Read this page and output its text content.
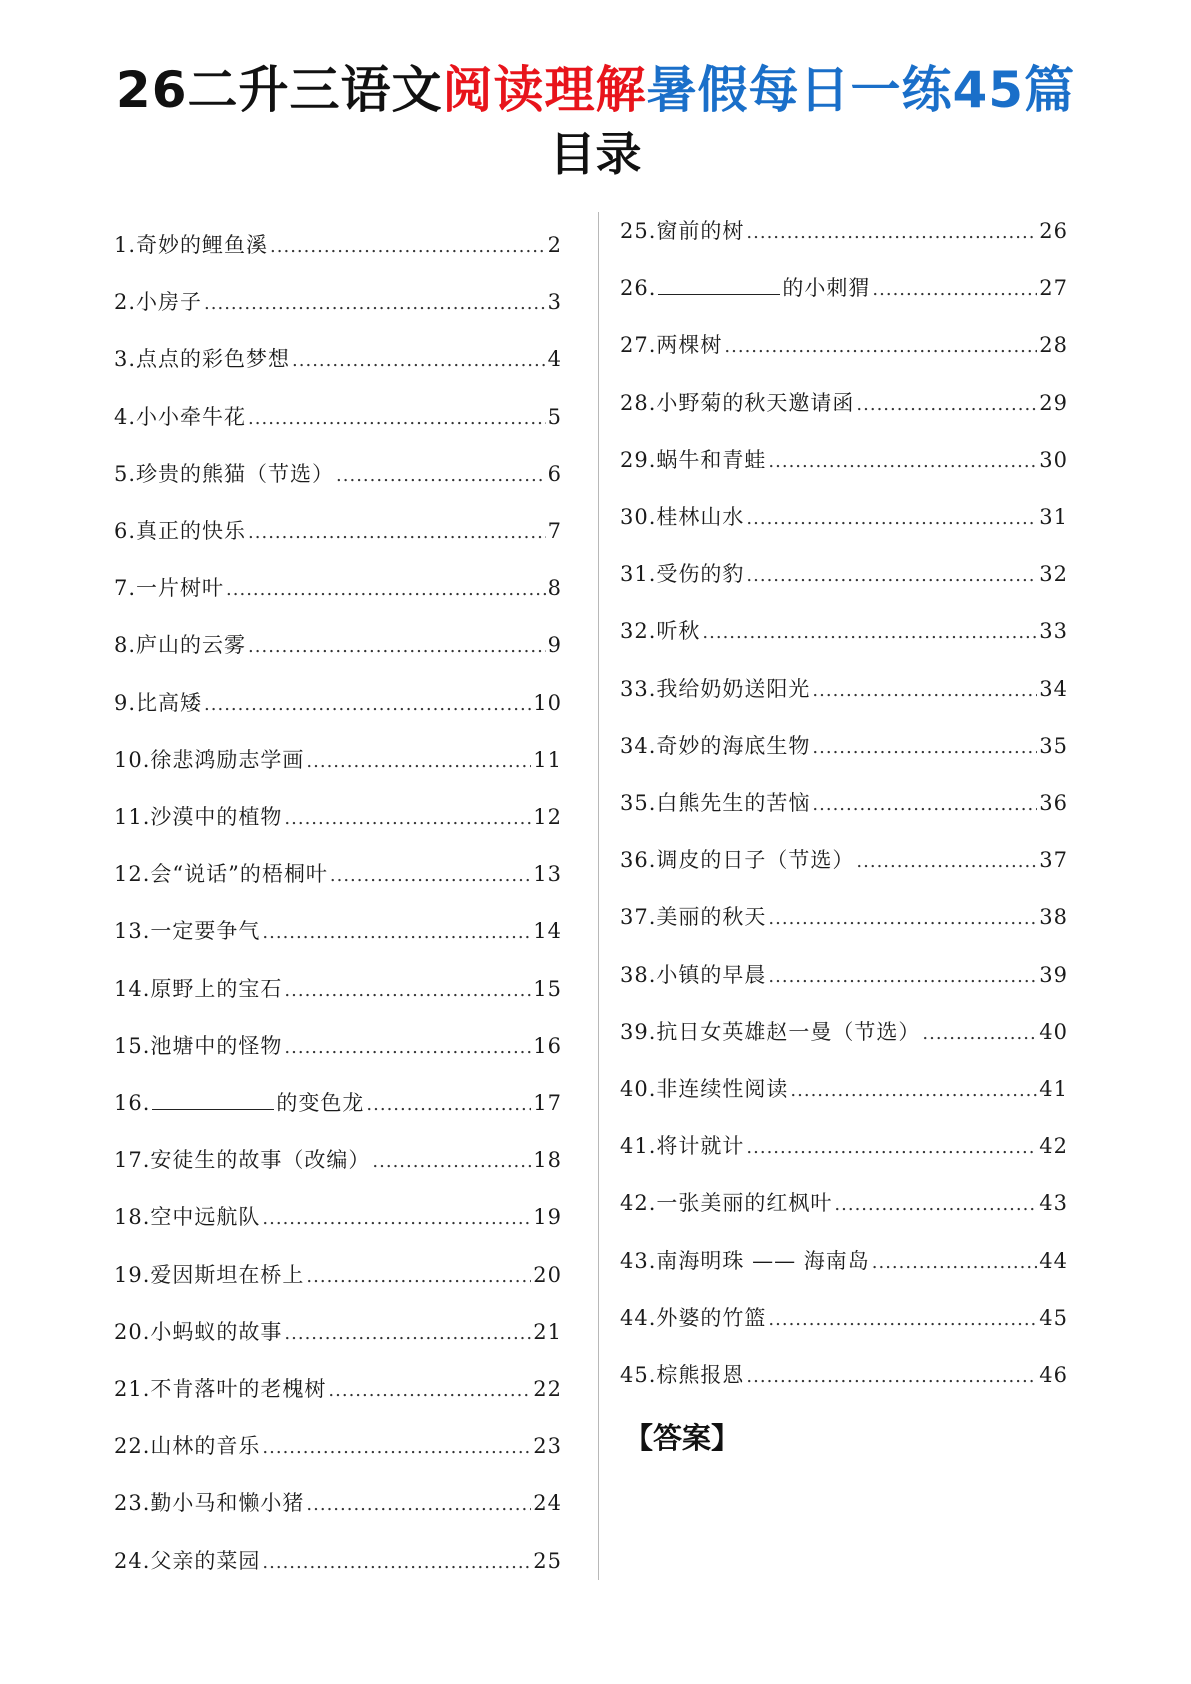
26二升三语文阅读理解暑假每日一练45篇
目录
1.奇妙的鲤鱼溪 .....	2
2.小房子 .....	3
3.点点的彩色梦想 .....	4
4.小小牵牛花 .....	5
5.珍贵的熊猫（节选） .....	6
6.真正的快乐 .....	7
7.一片树叶 .....	8
8.庐山的云雾 .....	9
9.比高矮 .....	10
10.徐悲鸿励志学画 .....	11
11.沙漠中的植物 .....	12
12.会“说话”的梧桐叶 .....	13
13.一定要争气 .....	14
14.原野上的宝石 .....	15
15.池塘中的怪物 .....	16
16.	的变色龙 .....	17
17.安徒生的故事（改编） .....	18
18.空中远航队 .....	19
19.爱因斯坦在桥上 .....	20
20.小蚂蚁的故事 .....	21
21.不肯落叶的老槐树 .....	22
22.山林的音乐 .....	23
23.勤小马和懒小猪 .....	24
24.父亲的菜园 .....	25
25.窗前的树 .....	26
26.	的小刺猬 .....	27
27.两棵树 .....	28
28.小野菊的秋天邀请函 .....	29
29.蜗牛和青蛙 .....	30
30.桂林山水 .....	31
31.受伤的豹 .....	32
32.听秋 .....	33
33.我给奶奶送阳光 .....	34
34.奇妙的海底生物 .....	35
35.白熊先生的苦恼 .....	36
36.调皮的日子（节选） .....	37
37.美丽的秋天 .....	38
38.小镇的早晨 .....	39
39.抗日女英雄赵一曼（节选） .....	40
40.非连续性阅读 .....	41
41.将计就计 .....	42
42.一张美丽的红枫叶 .....	43
43.南海明珠 —— 海南岛 .....	44
44.外婆的竹篮 .....	45
45.棕熊报恩 .....	46
【答案】
